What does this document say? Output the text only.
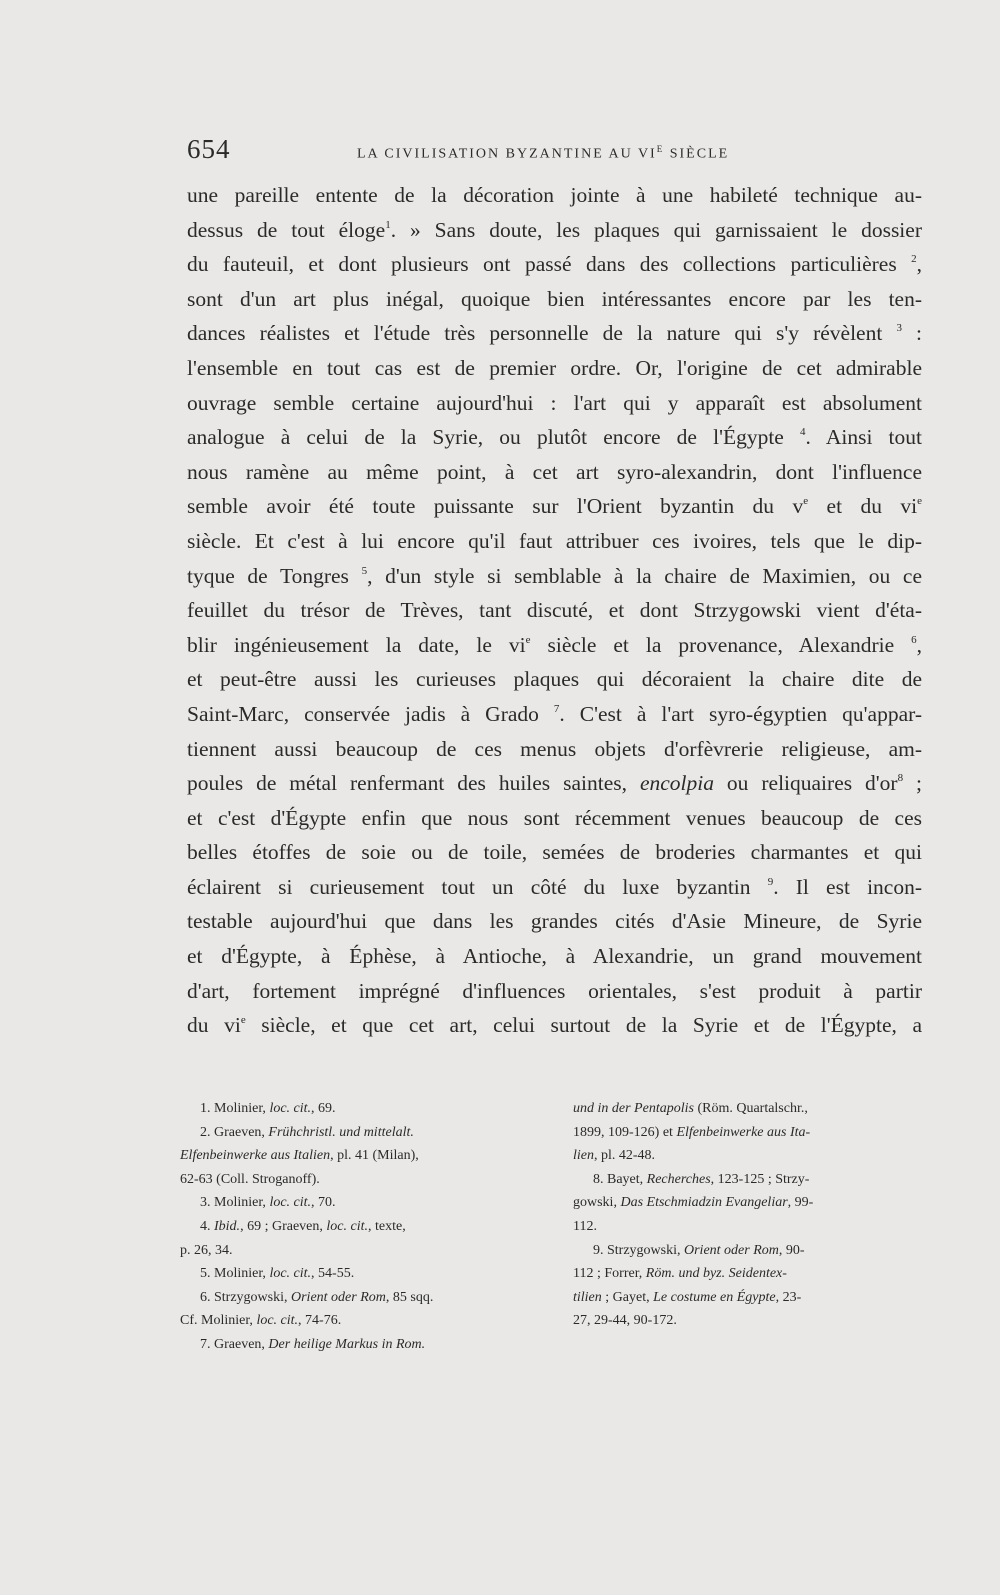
654	LA CIVILISATION BYZANTINE AU $VI^E$ SIÈCLE
une pareille entente de la décoration jointe à une habileté technique au-
dessus de tout éloge$^1$. » Sans doute, les plaques qui garnissaient le dossier
du fauteuil, et dont plusieurs ont passé dans des collections particulières $^2$,
sont d'un art plus inégal, quoique bien intéressantes encore par les ten-
dances réalistes et l'étude très personnelle de la nature qui s'y révèlent $^3$ :
l'ensemble en tout cas est de premier ordre. Or, l'origine de cet admirable
ouvrage semble certaine aujourd'hui : l'art qui y apparaît est absolument
analogue à celui de la Syrie, ou plutôt encore de l'Égypte $^4$. Ainsi tout
nous ramène au même point, à cet art syro-alexandrin, dont l'influence
semble avoir été toute puissante sur l'Orient byzantin du $v^e$ et du $vi^e$
siècle. Et c'est à lui encore qu'il faut attribuer ces ivoires, tels que le dip-
tyque de Tongres $^5$, d'un style si semblable à la chaire de Maximien, ou ce
feuillet du trésor de Trèves, tant discuté, et dont Strzygowski vient d'éta-
blir ingénieusement la date, le $vi^e$ siècle et la provenance, Alexandrie $^6$,
et peut-être aussi les curieuses plaques qui décoraient la chaire dite de
Saint-Marc, conservée jadis à Grado $^7$. C'est à l'art syro-égyptien qu'appar-
tiennent aussi beaucoup de ces menus objets d'orfèvrerie religieuse, am-
poules de métal renfermant des huiles saintes, encolpia ou reliquaires $d'or^8$ ;
et c'est d'Égypte enfin que nous sont récemment venues beaucoup de ces
belles étoffes de soie ou de toile, semées de broderies charmantes et qui
éclairent si curieusement tout un côté du luxe byzantin $^9$. Il est incon-
testable aujourd'hui que dans les grandes cités d'Asie Mineure, de Syrie
et d'Égypte, à Éphèse, à Antioche, à Alexandrie, un grand mouvement
d'art, fortement imprégné d'influences orientales, s'est produit à partir
du $vi^e$ siècle, et que cet art, celui surtout de la Syrie et de l'Égypte, a
1. Molinier, loc. cit., 69.
2. Graeven, Frühchristl. und mittelalt.
Elfenbeinwerke aus Italien, pl. 41 (Milan),
62-63 (Coll. Stroganoff).
3. Molinier, loc. cit., 70.
4. Ibid., 69 ; Graeven, loc. cit., texte,
p. 26, 34.
5. Molinier, loc. cit., 54-55.
6. Strzygowski, Orient oder Rom, 85 sqq.
Cf. Molinier, loc. cit., 74-76.
7. Graeven, Der heilige Markus in Rom.
und in der Pentapolis (Röm. Quartalschr.,
1899, 109-126) et Elfenbeinwerke aus Ita-
lien, pl. 42-48.
8. Bayet, Recherches, 123-125 ; Strzy-
gowski, Das Etschmiadzin Evangeliar, 99-
112.
9. Strzygowski, Orient oder Rom, 90-
112 ; Forrer, Röm. und byz. Seidentex-
tilien ; Gayet, Le costume en Égypte, 23-
27, 29-44, 90-172.
